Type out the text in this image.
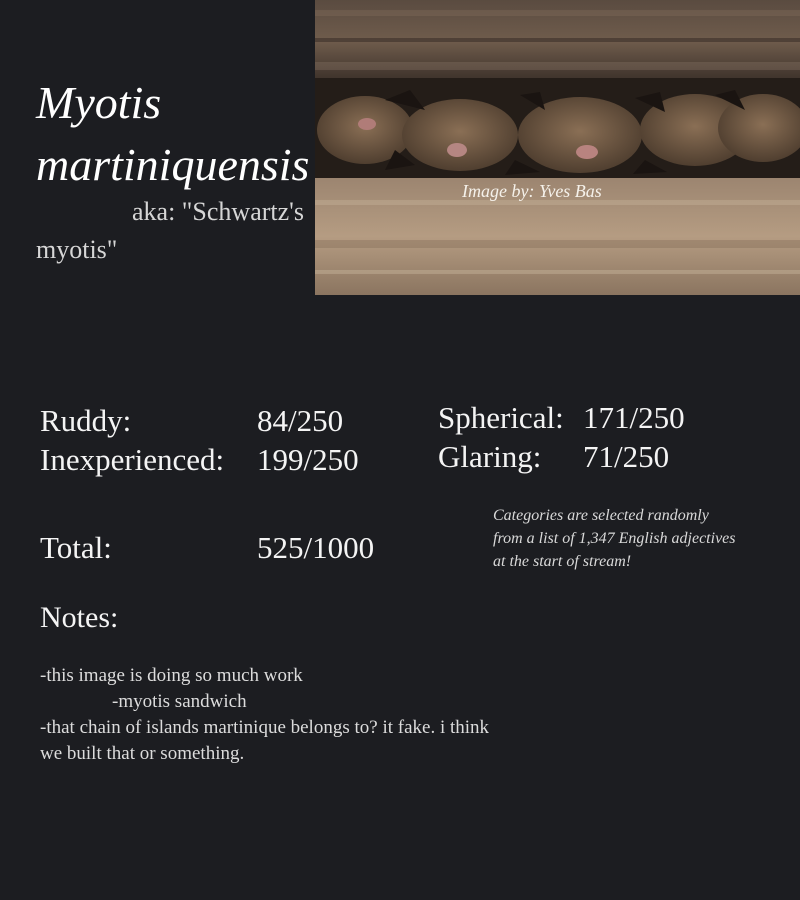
Image by: Yves Bas
Myotis martiniquensis
aka: "Schwartz's myotis"
Ruddy:	84/250
Inexperienced: 199/250
Spherical: 171/250
Glaring: 71/250
Total:	525/1000
Categories are selected randomly from a list of 1,347 English adjectives at the start of stream!
Notes:
-this image is doing so much work
-myotis sandwich
-that chain of islands martinique belongs to? it fake. i think we built that or something.
